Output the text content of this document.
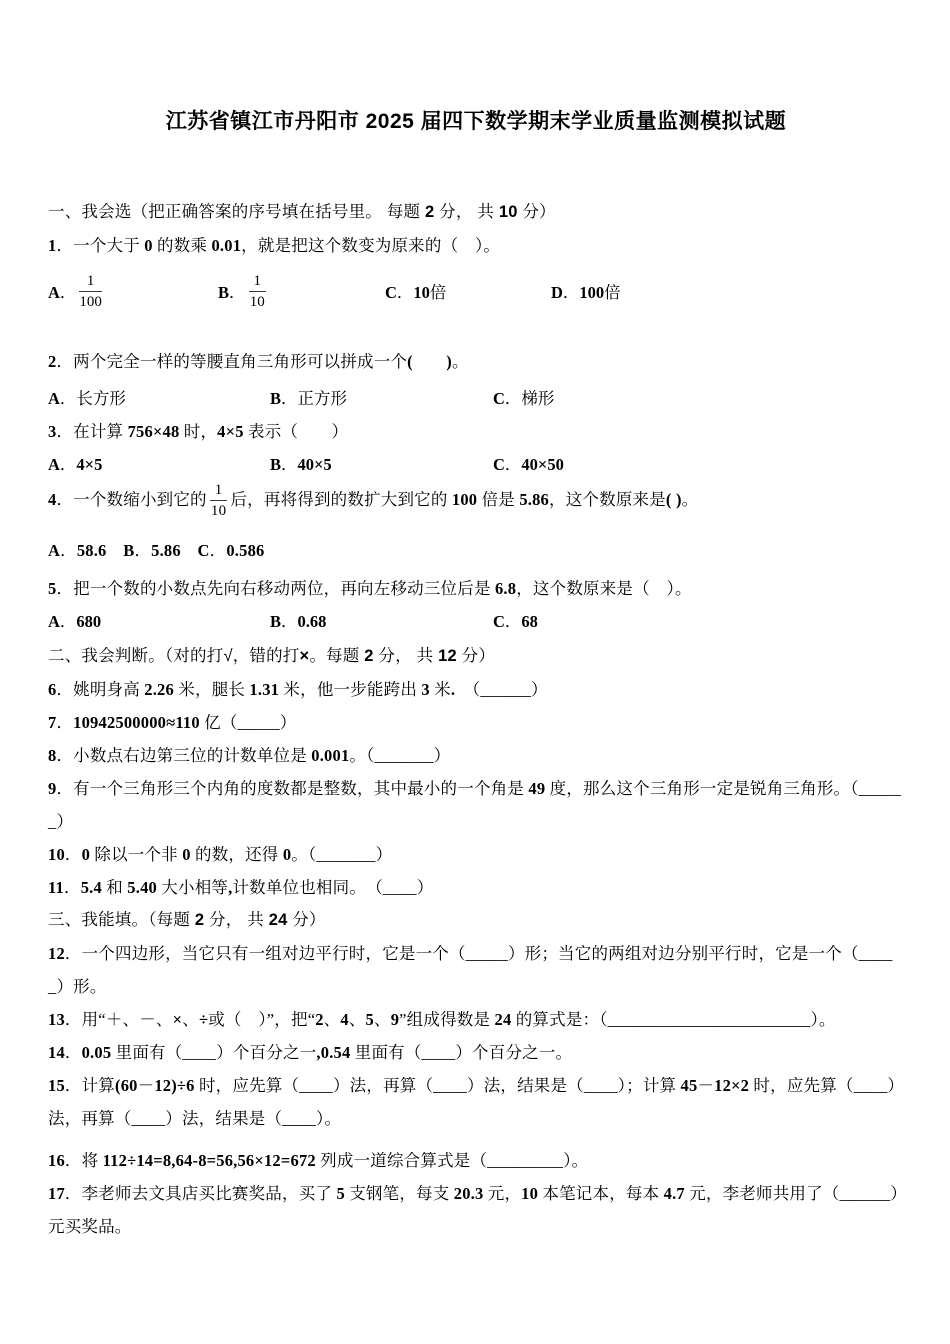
江苏省镇江市丹阳市 2025 届四下数学期末学业质量监测模拟试题

一、我会选（把正确答案的序号填在括号里。 每题 2 分， 共 10 分）

1．一个大于 0 的数乘 0.01，就是把这个数变为原来的（　）。

A． $\frac{1}{100}$	B． $\frac{1}{10}$	C ． 10 倍	D ． 100 倍

2．两个完全一样的等腰直角三角形可以拼成一个(　　 )。

A ．长方形	B ．正方形	C ．梯形

3．在计算 756×48 时，4×5 表示（　　）

A ． 4×5	B ． 40×5	C ． 40×50

4．一个数缩小到它的 $\frac{1}{10}$ 后，再将得到的数扩大到它的 100 倍是 5.86，这个数原来是( )。

A．58.6　 B．5.86　 C．0.586

5．把一个数的小数点先向右移动两位，再向左移动三位后是 6.8，这个数原来是（　）。

A ． 680	B ． 0.68	C ． 68

二、我会判断。（对的打√，错的打×。每题 2 分， 共 12 分）

6．姚明身高 2.26 米，腿长 1.31 米，他一步能跨出 3 米.　（______）

7．10942500000≈110 亿（_____）

8．小数点右边第三位的计数单位是 0.001。（_______）

9．有一个三角形三个内角的度数都是整数，其中最小的一个角是 49 度，那么这个三角形一定是锐角三角形。（______）

10．0 除以一个非 0 的数，还得 0。（_______）

11．5.4 和 5.40 大小相等,计数单位也相同。　（____）

三、我能填。（每题 2 分， 共 24 分）

12．一个四边形，当它只有一组对边平行时，它是一个（_____）形；当它的两组对边分别平行时，它是一个（_____）形。

13．用“＋、－、×、÷或（　）”，把“2、4、5、9”组成得数是 24 的算式是：（________________________）。

14．0.05 里面有（____）个百分之一,0.54 里面有（____）个百分之一。

15．计算(60－12)÷6 时，应先算（____）法，再算（____）法，结果是（____）；计算 45－12×2 时，应先算（____）法，再算（____）法，结果是（____）。

16．将 112÷14=8,64-8=56,56×12=672 列成一道综合算式是（_________）。

17．李老师去文具店买比赛奖品，买了 5 支钢笔，每支 20.3 元，10 本笔记本，每本 4.7 元，李老师共用了（______）元买奖品。
